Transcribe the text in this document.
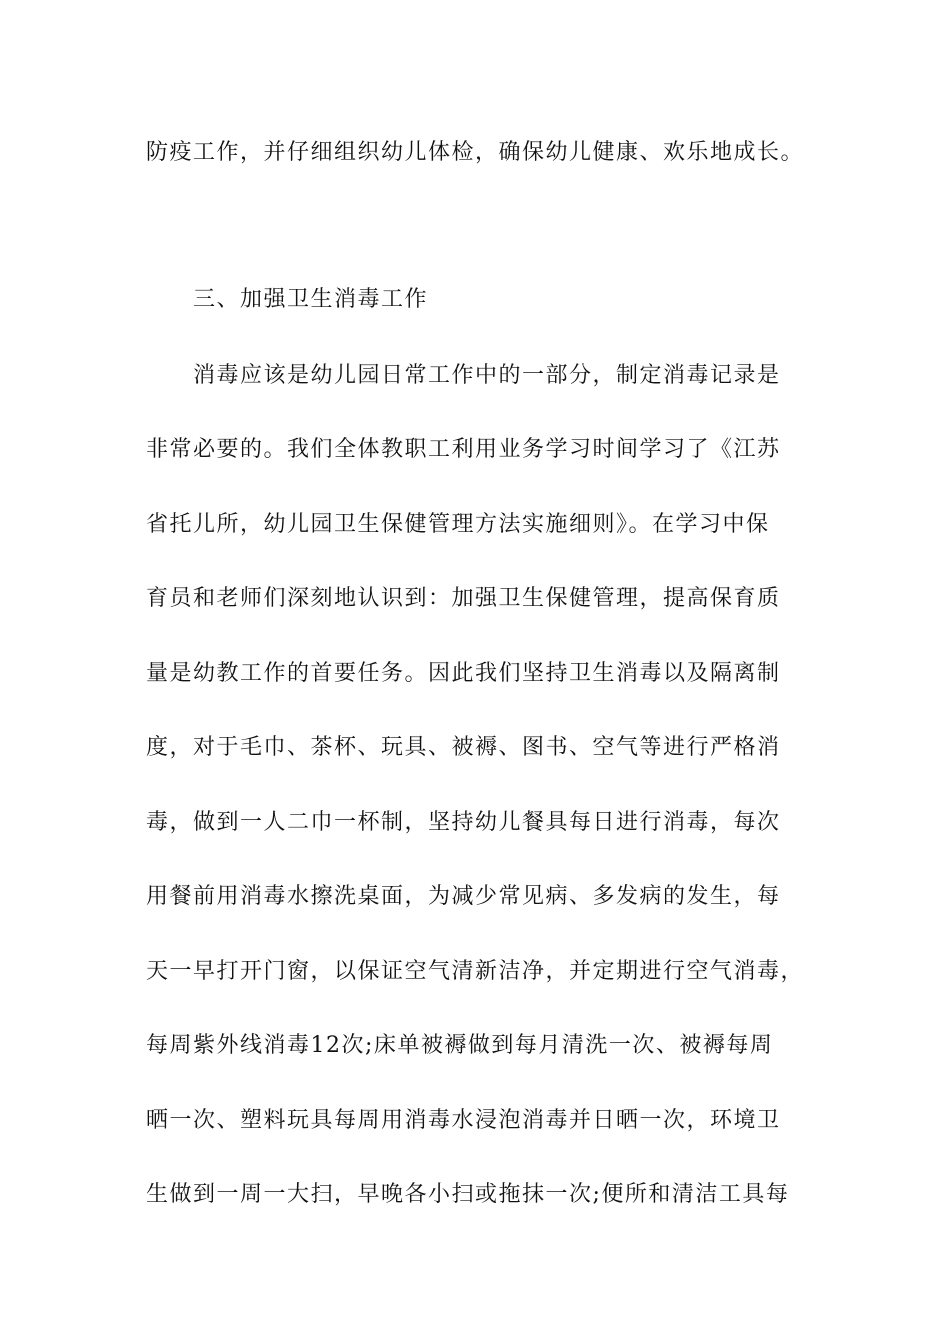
防疫工作，并仔细组织幼儿体检，确保幼儿健康、欢乐地成长。
三、加强卫生消毒工作
消毒应该是幼儿园日常工作中的一部分，制定消毒记录是
非常必要的。我们全体教职工利用业务学习时间学习了《江苏
省托儿所，幼儿园卫生保健管理方法实施细则》。在学习中保
育员和老师们深刻地认识到：加强卫生保健管理，提高保育质
量是幼教工作的首要任务。因此我们坚持卫生消毒以及隔离制
度，对于毛巾、茶杯、玩具、被褥、图书、空气等进行严格消
毒，做到一人二巾一杯制，坚持幼儿餐具每日进行消毒，每次
用餐前用消毒水擦洗桌面，为减少常见病、多发病的发生，每
天一早打开门窗，以保证空气清新洁净，并定期进行空气消毒，
每周紫外线消毒12次;床单被褥做到每月清洗一次、被褥每周
晒一次、塑料玩具每周用消毒水浸泡消毒并日晒一次，环境卫
生做到一周一大扫，早晚各小扫或拖抹一次;便所和清洁工具每
